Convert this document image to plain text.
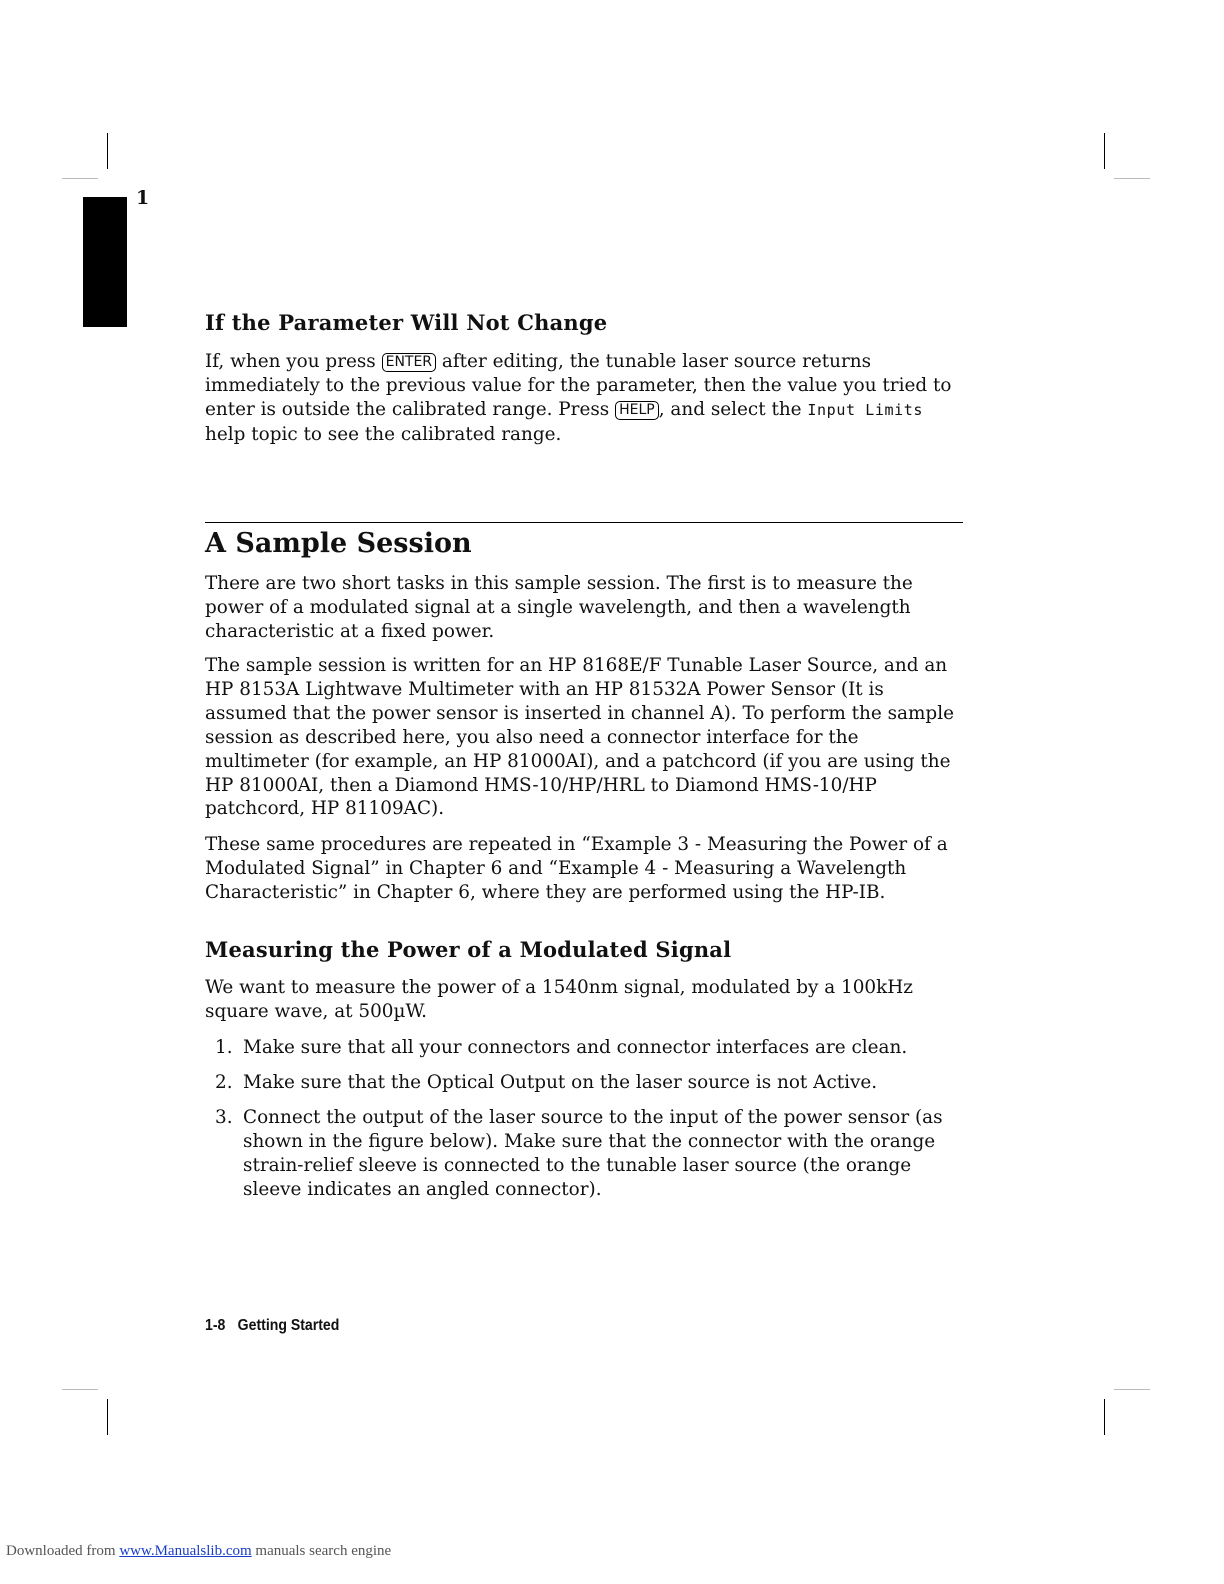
1
If the Parameter Will Not Change

If, when you press ENTER after editing, the tunable laser source returns immediately to the previous value for the parameter, then the value you tried to enter is outside the calibrated range. Press HELP , and select the Input Limits help topic to see the calibrated range.

A Sample Session

There are two short tasks in this sample session. The first is to measure the power of a modulated signal at a single wavelength, and then a wavelength characteristic at a fixed power.

The sample session is written for an HP 8168E/F Tunable Laser Source, and an HP 8153A Lightwave Multimeter with an HP 81532A Power Sensor (It is assumed that the power sensor is inserted in channel A). To perform the sample session as described here, you also need a connector interface for the multimeter (for example, an HP 81000AI), and a patchcord (if you are using the HP 81000AI, then a Diamond HMS-10/HP/HRL to Diamond HMS-10/HP patchcord, HP 81109AC).

These same procedures are repeated in “Example 3 - Measuring the Power of a Modulated Signal” in Chapter 6 and “Example 4 - Measuring a Wavelength Characteristic” in Chapter 6, where they are performed using the HP-IB.

Measuring the Power of a Modulated Signal

We want to measure the power of a 1540nm signal, modulated by a 100kHz square wave, at 500µW.

1. Make sure that all your connectors and connector interfaces are clean.
2. Make sure that the Optical Output on the laser source is not Active.
3. Connect the output of the laser source to the input of the power sensor (as shown in the figure below). Make sure that the connector with the orange strain-relief sleeve is connected to the tunable laser source (the orange sleeve indicates an angled connector).
1-8 Getting Started
Downloaded from www.Manualslib.com manuals search engine
